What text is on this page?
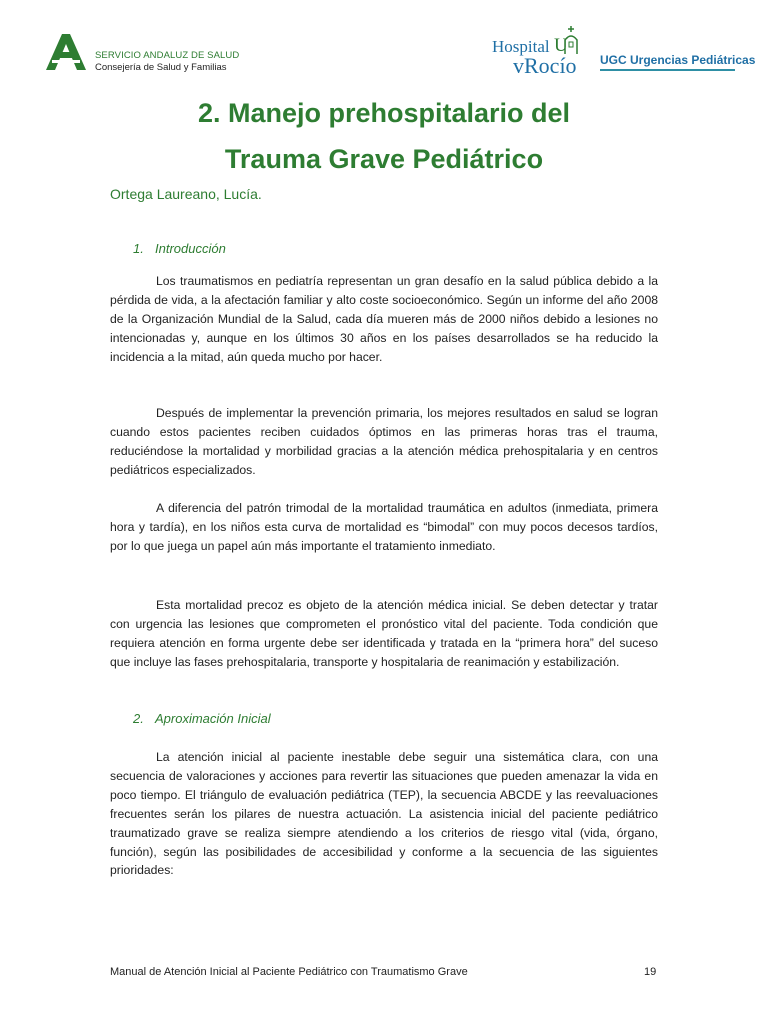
SERVICIO ANDALUZ DE SALUD
Consejería de Salud y Familias
Hospital U
vRocío UGC Urgencias Pediátricas
2. Manejo prehospitalario del
Trauma Grave Pediátrico
Ortega Laureano, Lucía.
1. Introducción

Los traumatismos en pediatría representan un gran desafío en la salud pública debido a la pérdida de vida, a la afectación familiar y alto coste socioeconómico. Según un informe del año 2008 de la Organización Mundial de la Salud, cada día mueren más de 2000 niños debido a lesiones no intencionadas y, aunque en los últimos 30 años en los países desarrollados se ha reducido la incidencia a la mitad, aún queda mucho por hacer.

Después de implementar la prevención primaria, los mejores resultados en salud se logran cuando estos pacientes reciben cuidados óptimos en las primeras horas tras el trauma, reduciéndose la mortalidad y morbilidad gracias a la atención médica prehospitalaria y en centros pediátricos especializados.

A diferencia del patrón trimodal de la mortalidad traumática en adultos (inmediata, primera hora y tardía), en los niños esta curva de mortalidad es “bimodal” con muy pocos decesos tardíos, por lo que juega un papel aún más importante el tratamiento inmediato.

Esta mortalidad precoz es objeto de la atención médica inicial. Se deben detectar y tratar con urgencia las lesiones que comprometen el pronóstico vital del paciente. Toda condición que requiera atención en forma urgente debe ser identificada y tratada en la “primera hora” del suceso que incluye las fases prehospitalaria, transporte y hospitalaria de reanimación y estabilización.

2. Aproximación Inicial

La atención inicial al paciente inestable debe seguir una sistemática clara, con una secuencia de valoraciones y acciones para revertir las situaciones que pueden amenazar la vida en poco tiempo. El triángulo de evaluación pediátrica (TEP), la secuencia ABCDE y las reevaluaciones frecuentes serán los pilares de nuestra actuación. La asistencia inicial del paciente pediátrico traumatizado grave se realiza siempre atendiendo a los criterios de riesgo vital (vida, órgano, función), según las posibilidades de accesibilidad y conforme a la secuencia de las siguientes prioridades:

Manual de Atención Inicial al Paciente Pediátrico con Traumatismo Grave	19
